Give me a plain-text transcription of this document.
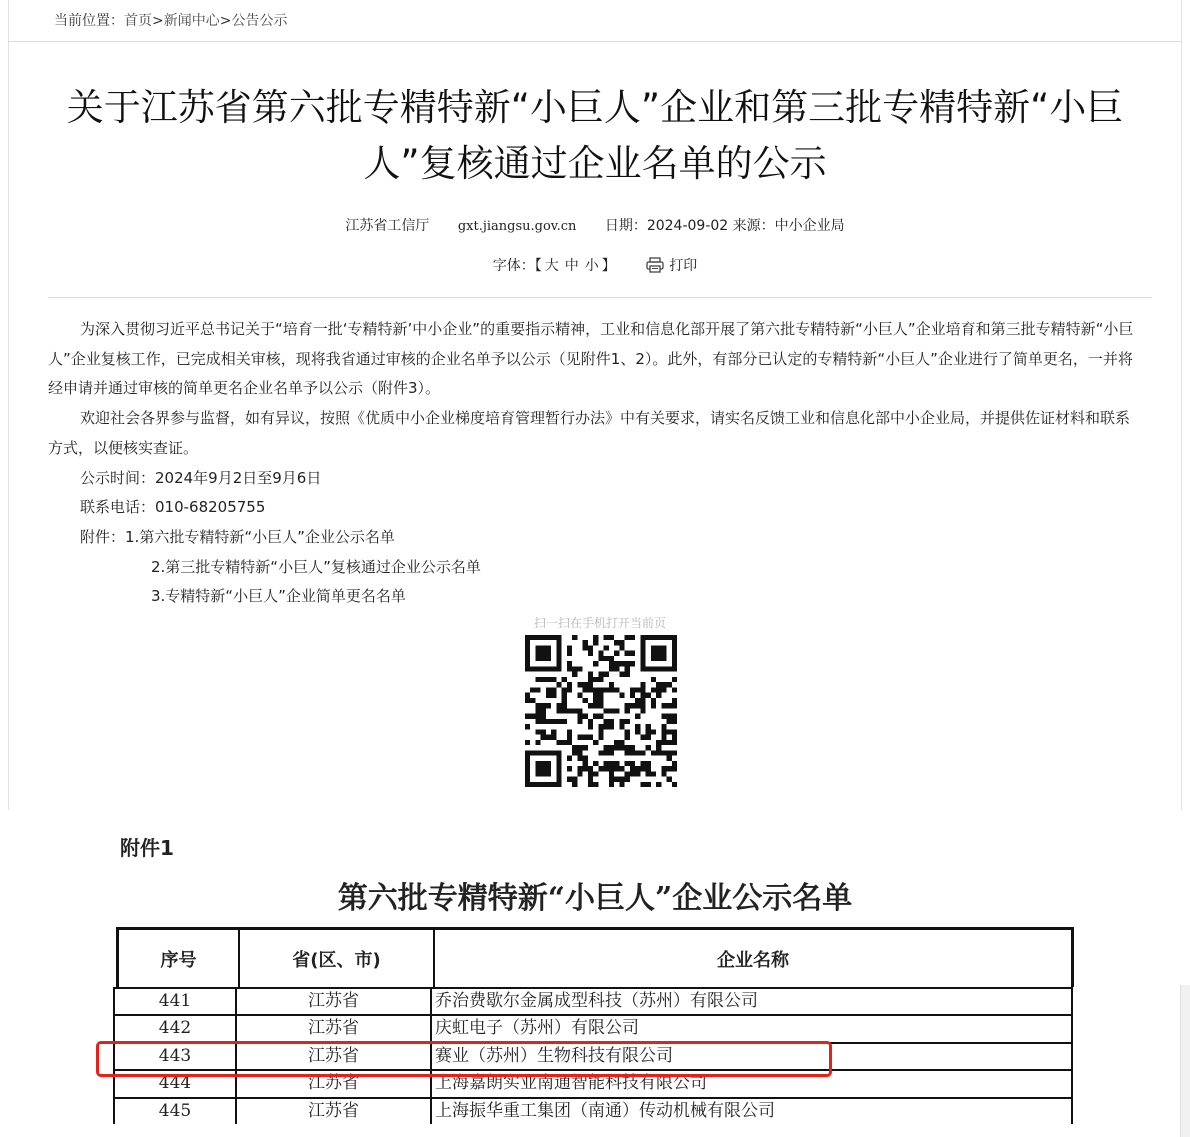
当前位置：首页>新闻中心>公告公示
关于江苏省第六批专精特新“小巨人”企业和第三批专精特新“小巨人”复核通过企业名单的公示
江苏省工信厅 gxt.jiangsu.gov.cn 日期：2024-09-02 来源：中小企业局
字体：【 大 中 小 】	打印

为深入贯彻习近平总书记关于“培育一批‘专精特新’中小企业”的重要指示精神，工业和信息化部开展了第六批专精特新“小巨人”企业培育和第三批专精特新“小巨人”企业复核工作，已完成相关审核，现将我省通过审核的企业名单予以公示（见附件1、2）。此外，有部分已认定的专精特新“小巨人”企业进行了简单更名，一并将经申请并通过审核的简单更名企业名单予以公示（附件3）。

欢迎社会各界参与监督，如有异议，按照《优质中小企业梯度培育管理暂行办法》中有关要求，请实名反馈工业和信息化部中小企业局，并提供佐证材料和联系方式，以便核实查证。

公示时间：2024年9月2日至9月6日

联系电话：010-68205755

附件：1.第六批专精特新“小巨人”企业公示名单

2.第三批专精特新“小巨人”复核通过企业公示名单

3.专精特新“小巨人”企业简单更名名单

扫一扫在手机打开当前页
附件1
第六批专精特新“小巨人”企业公示名单
序号	省(区、市)	企业名称
441	江苏省	乔治费歇尔金属成型科技（苏州）有限公司
442	江苏省	庆虹电子（苏州）有限公司
443	江苏省	赛业（苏州）生物科技有限公司
444	江苏省	上海嘉朗实业南通智能科技有限公司
445	江苏省	上海振华重工集团（南通）传动机械有限公司
